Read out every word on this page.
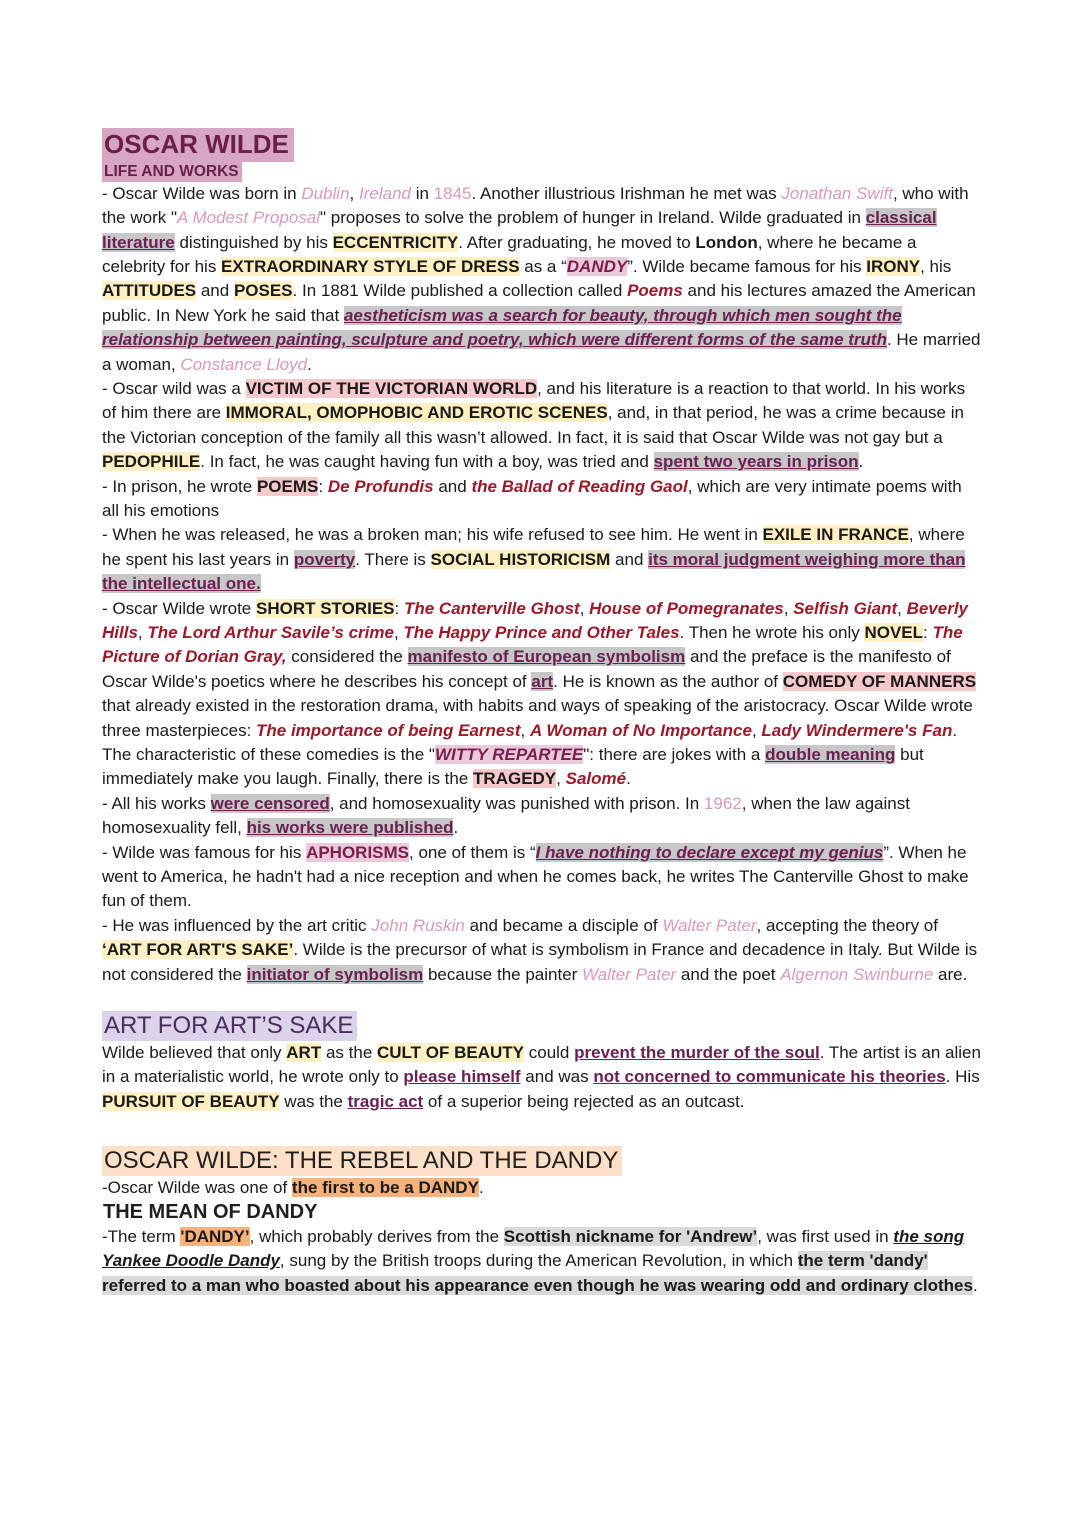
OSCAR WILDE
LIFE AND WORKS
- Oscar Wilde was born in Dublin, Ireland in 1845. Another illustrious Irishman he met was Jonathan Swift, who with the work "A Modest Proposal" proposes to solve the problem of hunger in Ireland. Wilde graduated in classical literature distinguished by his ECCENTRICITY. After graduating, he moved to London, where he became a celebrity for his EXTRAORDINARY STYLE OF DRESS as a “DANDY”. Wilde became famous for his IRONY, his ATTITUDES and POSES. In 1881 Wilde published a collection called Poems and his lectures amazed the American public. In New York he said that aestheticism was a search for beauty, through which men sought the relationship between painting, sculpture and poetry, which were different forms of the same truth. He married a woman, Constance Lloyd.
- Oscar wild was a VICTIM OF THE VICTORIAN WORLD, and his literature is a reaction to that world. In his works of him there are IMMORAL, OMOPHOBIC AND EROTIC SCENES, and, in that period, he was a crime because in the Victorian conception of the family all this wasn’t allowed. In fact, it is said that Oscar Wilde was not gay but a PEDOPHILE. In fact, he was caught having fun with a boy, was tried and spent two years in prison.
- In prison, he wrote POEMS: De Profundis and the Ballad of Reading Gaol, which are very intimate poems with all his emotions
- When he was released, he was a broken man; his wife refused to see him. He went in EXILE IN FRANCE, where he spent his last years in poverty. There is SOCIAL HISTORICISM and its moral judgment weighing more than the intellectual one.
- Oscar Wilde wrote SHORT STORIES: The Canterville Ghost, House of Pomegranates, Selfish Giant, Beverly Hills, The Lord Arthur Savile’s crime, The Happy Prince and Other Tales. Then he wrote his only NOVEL: The Picture of Dorian Gray, considered the manifesto of European symbolism and the preface is the manifesto of Oscar Wilde's poetics where he describes his concept of art. He is known as the author of COMEDY OF MANNERS that already existed in the restoration drama, with habits and ways of speaking of the aristocracy. Oscar Wilde wrote three masterpieces: The importance of being Earnest, A Woman of No Importance, Lady Windermere's Fan. The characteristic of these comedies is the "WITTY REPARTEE": there are jokes with a double meaning but immediately make you laugh. Finally, there is the TRAGEDY, Salomé.
- All his works were censored, and homosexuality was punished with prison. In 1962, when the law against homosexuality fell, his works were published.
- Wilde was famous for his APHORISMS, one of them is “I have nothing to declare except my genius”. When he went to America, he hadn't had a nice reception and when he comes back, he writes The Canterville Ghost to make fun of them.
- He was influenced by the art critic John Ruskin and became a disciple of Walter Pater, accepting the theory of ‘ART FOR ART'S SAKE’. Wilde is the precursor of what is symbolism in France and decadence in Italy. But Wilde is not considered the initiator of symbolism because the painter Walter Pater and the poet Algernon Swinburne are.
ART FOR ART’S SAKE
Wilde believed that only ART as the CULT OF BEAUTY could prevent the murder of the soul. The artist is an alien in a materialistic world, he wrote only to please himself and was not concerned to communicate his theories. His PURSUIT OF BEAUTY was the tragic act of a superior being rejected as an outcast.
OSCAR WILDE: THE REBEL AND THE DANDY
-Oscar Wilde was one of the first to be a DANDY.
THE MEAN OF DANDY
-The term 'DANDY’, which probably derives from the Scottish nickname for 'Andrew’, was first used in the song Yankee Doodle Dandy, sung by the British troops during the American Revolution, in which the term 'dandy' referred to a man who boasted about his appearance even though he was wearing odd and ordinary clothes.
